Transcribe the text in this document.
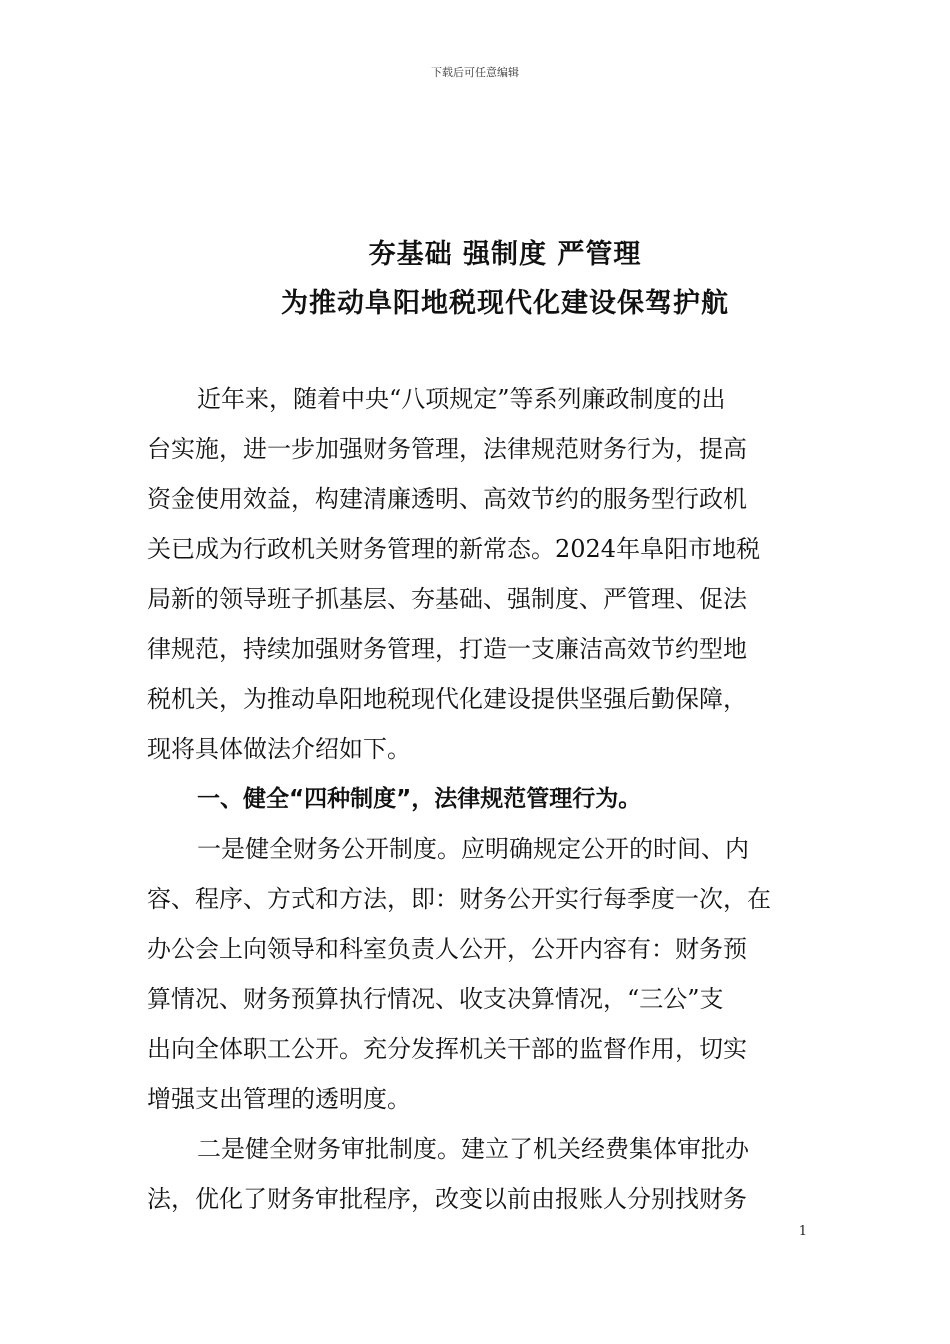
下载后可任意编辑
夯基础 强制度 严管理
为推动阜阳地税现代化建设保驾护航
近年来，随着中央“八项规定”等系列廉政制度的出
台实施，进一步加强财务管理，法律规范财务行为，提高
资金使用效益，构建清廉透明、高效节约的服务型行政机
关已成为行政机关财务管理的新常态。2024年阜阳市地税
局新的领导班子抓基层、夯基础、强制度、严管理、促法
律规范，持续加强财务管理，打造一支廉洁高效节约型地
税机关，为推动阜阳地税现代化建设提供坚强后勤保障，
现将具体做法介绍如下。
一、健全“四种制度”，法律规范管理行为。
一是健全财务公开制度。应明确规定公开的时间、内
容、程序、方式和方法，即：财务公开实行每季度一次，在
办公会上向领导和科室负责人公开，公开内容有：财务预
算情况、财务预算执行情况、收支决算情况，“三公”支
出向全体职工公开。充分发挥机关干部的监督作用，切实
增强支出管理的透明度。
二是健全财务审批制度。建立了机关经费集体审批办
法，优化了财务审批程序，改变以前由报账人分别找财务
1
